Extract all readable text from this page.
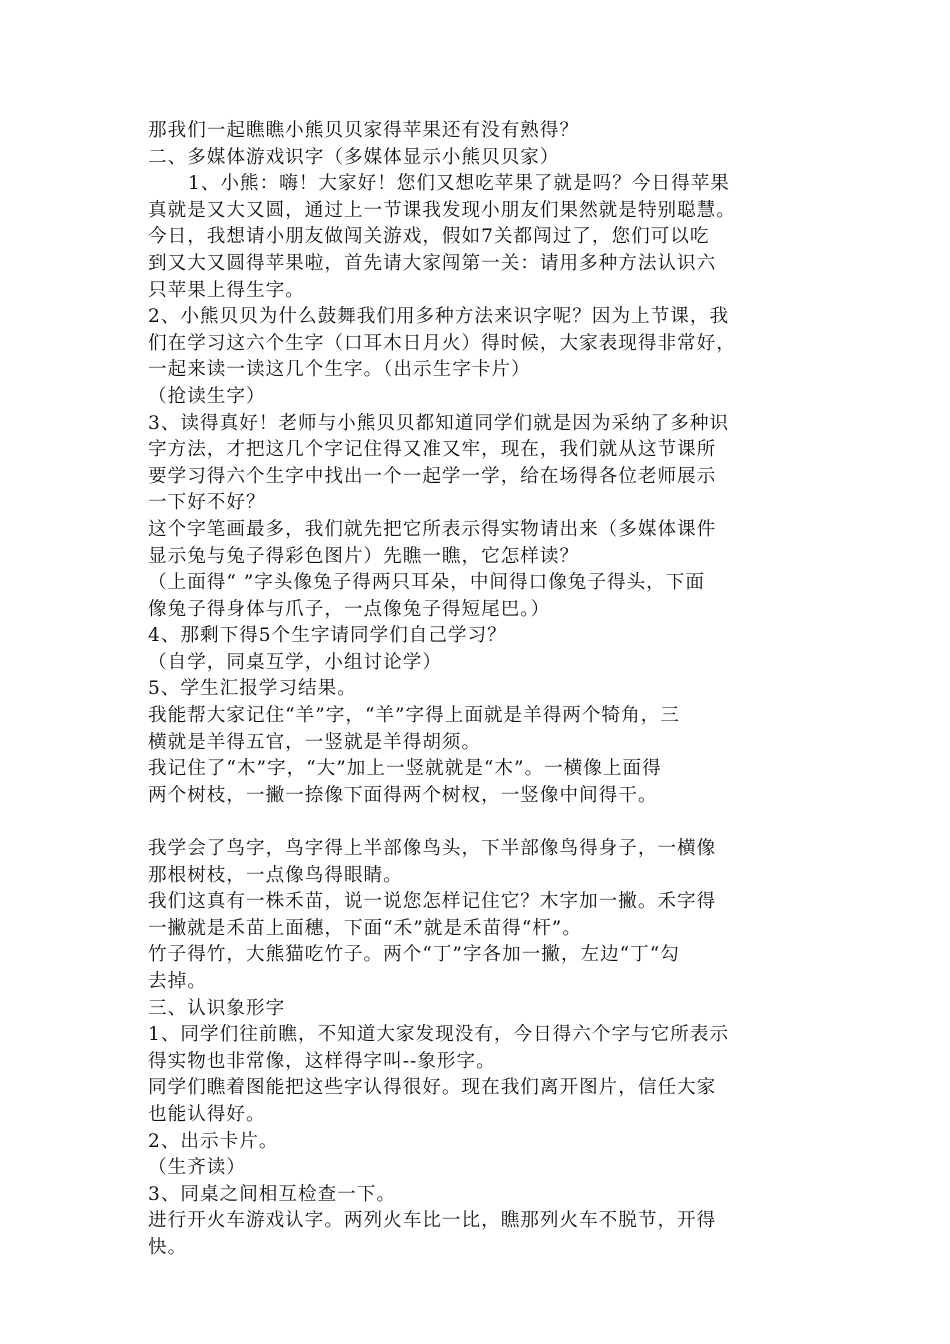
那我们一起瞧瞧小熊贝贝家得苹果还有没有熟得？
二、多媒体游戏识字（多媒体显示小熊贝贝家）
1、小熊：嗨！大家好！您们又想吃苹果了就是吗？今日得苹果
真就是又大又圆，通过上一节课我发现小朋友们果然就是特别聪慧。
今日，我想请小朋友做闯关游戏，假如7关都闯过了，您们可以吃
到又大又圆得苹果啦，首先请大家闯第一关：请用多种方法认识六
只苹果上得生字。
2、小熊贝贝为什么鼓舞我们用多种方法来识字呢？因为上节课，我
们在学习这六个生字（口耳木日月火）得时候，大家表现得非常好，
一起来读一读这几个生字。（出示生字卡片）
（抢读生字）
3、读得真好！老师与小熊贝贝都知道同学们就是因为采纳了多种识
字方法，才把这几个字记住得又准又牢，现在，我们就从这节课所
要学习得六个生字中找出一个一起学一学，给在场得各位老师展示
一下好不好？
这个字笔画最多，我们就先把它所表示得实物请出来（多媒体课件
显示兔与兔子得彩色图片）先瞧一瞧，它怎样读？
（上面得“ ”字头像兔子得两只耳朵，中间得口像兔子得头，下面
像兔子得身体与爪子，一点像兔子得短尾巴。）
4、那剩下得5个生字请同学们自己学习？
（自学，同桌互学，小组讨论学）
5、学生汇报学习结果。
我能帮大家记住“羊”字，“羊”字得上面就是羊得两个犄角，三
横就是羊得五官，一竖就是羊得胡须。
我记住了“木”字，“大”加上一竖就就是“木”。一横像上面得
两个树枝，一撇一捺像下面得两个树杈，一竖像中间得干。
我学会了鸟字，鸟字得上半部像鸟头，下半部像鸟得身子，一横像
那根树枝，一点像鸟得眼睛。
我们这真有一株禾苗，说一说您怎样记住它？木字加一撇。禾字得
一撇就是禾苗上面穗，下面“禾”就是禾苗得“杆”。
竹子得竹，大熊猫吃竹子。两个“丁”字各加一撇，左边“丁“勾
去掉。
三、认识象形字
1、同学们往前瞧，不知道大家发现没有，今日得六个字与它所表示
得实物也非常像，这样得字叫--象形字。
同学们瞧着图能把这些字认得很好。现在我们离开图片，信任大家
也能认得好。
2、出示卡片。
（生齐读）
3、同桌之间相互检查一下。
进行开火车游戏认字。两列火车比一比，瞧那列火车不脱节，开得
快。
